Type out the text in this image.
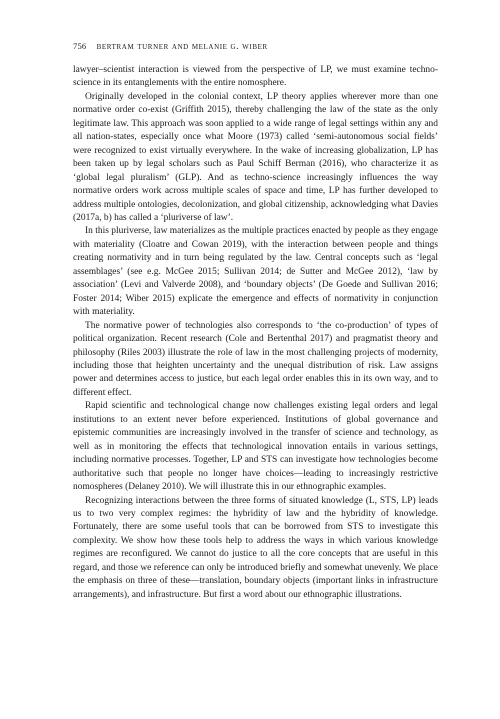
756 bertram turner and melanie g. wiber

lawyer–scientist interaction is viewed from the perspective of LP, we must examine techno-science in its entanglements with the entire nomosphere.

Originally developed in the colonial context, LP theory applies wherever more than one normative order co-exist (Griffith 2015), thereby challenging the law of the state as the only legitimate law. This approach was soon applied to a wide range of legal settings within any and all nation-states, especially once what Moore (1973) called ‘semi-autonomous social fields’ were recognized to exist virtually everywhere. In the wake of increasing globalization, LP has been taken up by legal scholars such as Paul Schiff Berman (2016), who characterize it as ‘global legal pluralism’ (GLP). And as techno-science increasingly influences the way normative orders work across multiple scales of space and time, LP has further developed to address multiple ontologies, decolonization, and global citizenship, acknowledging what Davies (2017a, b) has called a ‘pluriverse of law’.

In this pluriverse, law materializes as the multiple practices enacted by people as they engage with materiality (Cloatre and Cowan 2019), with the interaction between people and things creating normativity and in turn being regulated by the law. Central concepts such as ‘legal assemblages’ (see e.g. McGee 2015; Sullivan 2014; de Sutter and McGee 2012), ‘law by association’ (Levi and Valverde 2008), and ‘boundary objects’ (De Goede and Sullivan 2016; Foster 2014; Wiber 2015) explicate the emergence and effects of normativity in conjunction with materiality.

The normative power of technologies also corresponds to ‘the co-production’ of types of political organization. Recent research (Cole and Bertenthal 2017) and pragmatist theory and philosophy (Riles 2003) illustrate the role of law in the most challenging projects of modernity, including those that heighten uncertainty and the unequal distribution of risk. Law assigns power and determines access to justice, but each legal order enables this in its own way, and to different effect.

Rapid scientific and technological change now challenges existing legal orders and legal institutions to an extent never before experienced. Institutions of global governance and epistemic communities are increasingly involved in the transfer of science and technology, as well as in monitoring the effects that technological innovation entails in various settings, including normative processes. Together, LP and STS can investigate how technologies become authoritative such that people no longer have choices—leading to increasingly restrictive nomospheres (Delaney 2010). We will illustrate this in our ethnographic examples.

Recognizing interactions between the three forms of situated knowledge (L, STS, LP) leads us to two very complex regimes: the hybridity of law and the hybridity of knowledge. Fortunately, there are some useful tools that can be borrowed from STS to investigate this complexity. We show how these tools help to address the ways in which various knowledge regimes are reconfigured. We cannot do justice to all the core concepts that are useful in this regard, and those we reference can only be introduced briefly and somewhat unevenly. We place the emphasis on three of these—translation, boundary objects (important links in infrastructure arrangements), and infrastructure. But first a word about our ethnographic illustrations.
